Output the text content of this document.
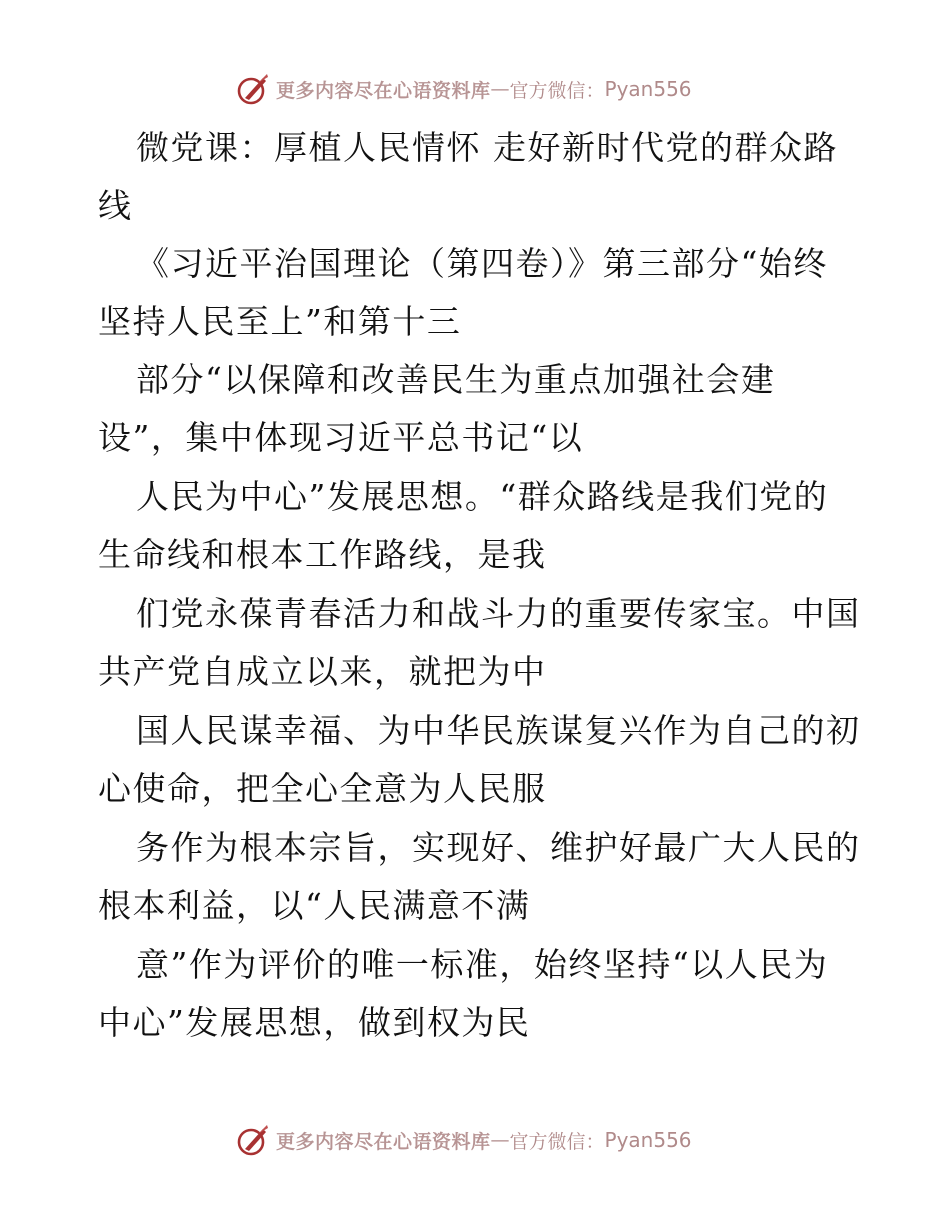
更多内容尽在心语资料库 — 官方微信： Pyan556

微党课：厚植人民情怀 走好新时代党的群众路

线

《习近平治国理论（第四卷）》第三部分“始终

坚持人民至上”和第十三

部分“以保障和改善民生为重点加强社会建

设”，集中体现习近平总书记“以

人民为中心”发展思想。“群众路线是我们党的

生命线和根本工作路线，是我

们党永葆青春活力和战斗力的重要传家宝。中国

共产党自成立以来，就把为中

国人民谋幸福、为中华民族谋复兴作为自己的初

心使命，把全心全意为人民服

务作为根本宗旨，实现好、维护好最广大人民的

根本利益，以“人民满意不满

意”作为评价的唯一标准，始终坚持“以人民为

中心”发展思想，做到权为民

更多内容尽在心语资料库 — 官方微信： Pyan556
